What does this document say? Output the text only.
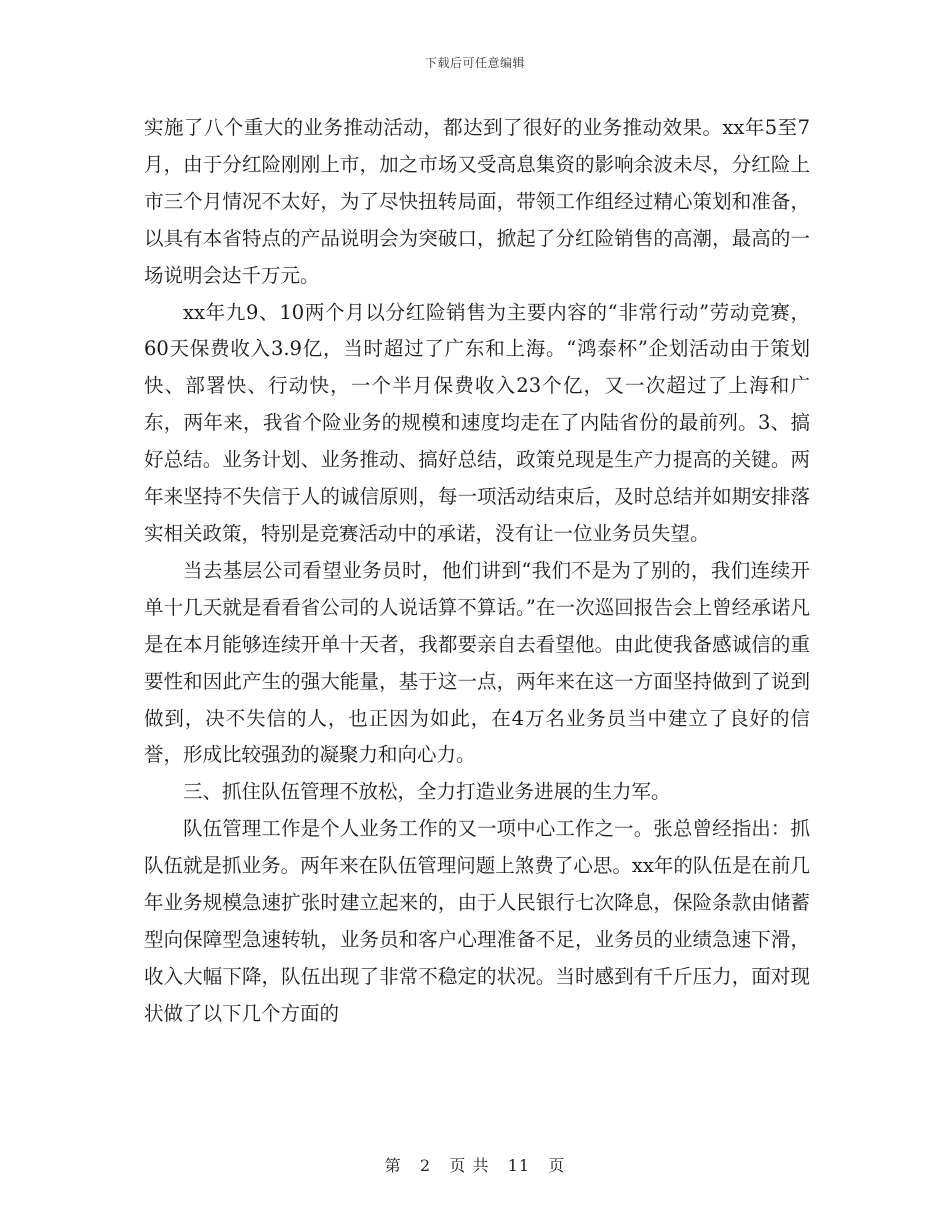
下载后可任意编辑

实施了八个重大的业务推动活动，都达到了很好的业务推动效果。xx年5至7月，由于分红险刚刚上市，加之市场又受高息集资的影响余波未尽，分红险上市三个月情况不太好，为了尽快扭转局面，带领工作组经过精心策划和准备，以具有本省特点的产品说明会为突破口，掀起了分红险销售的高潮，最高的一场说明会达千万元。

xx年九9、10两个月以分红险销售为主要内容的“非常行动”劳动竞赛，60天保费收入3.9亿，当时超过了广东和上海。“鸿泰杯”企划活动由于策划快、部署快、行动快，一个半月保费收入23个亿，又一次超过了上海和广东，两年来，我省个险业务的规模和速度均走在了内陆省份的最前列。3、搞好总结。业务计划、业务推动、搞好总结，政策兑现是生产力提高的关键。两年来坚持不失信于人的诚信原则，每一项活动结束后，及时总结并如期安排落实相关政策，特别是竞赛活动中的承诺，没有让一位业务员失望。

当去基层公司看望业务员时，他们讲到“我们不是为了别的，我们连续开单十几天就是看看省公司的人说话算不算话。”在一次巡回报告会上曾经承诺凡是在本月能够连续开单十天者，我都要亲自去看望他。由此使我备感诚信的重要性和因此产生的强大能量，基于这一点，两年来在这一方面坚持做到了说到做到，决不失信的人，也正因为如此，在4万名业务员当中建立了良好的信誉，形成比较强劲的凝聚力和向心力。

三、抓住队伍管理不放松，全力打造业务进展的生力军。

队伍管理工作是个人业务工作的又一项中心工作之一。张总曾经指出：抓队伍就是抓业务。两年来在队伍管理问题上煞费了心思。xx年的队伍是在前几年业务规模急速扩张时建立起来的，由于人民银行七次降息，保险条款由储蓄型向保障型急速转轨，业务员和客户心理准备不足，业务员的业绩急速下滑，收入大幅下降，队伍出现了非常不稳定的状况。当时感到有千斤压力，面对现状做了以下几个方面的

第 2 页 共 11 页
